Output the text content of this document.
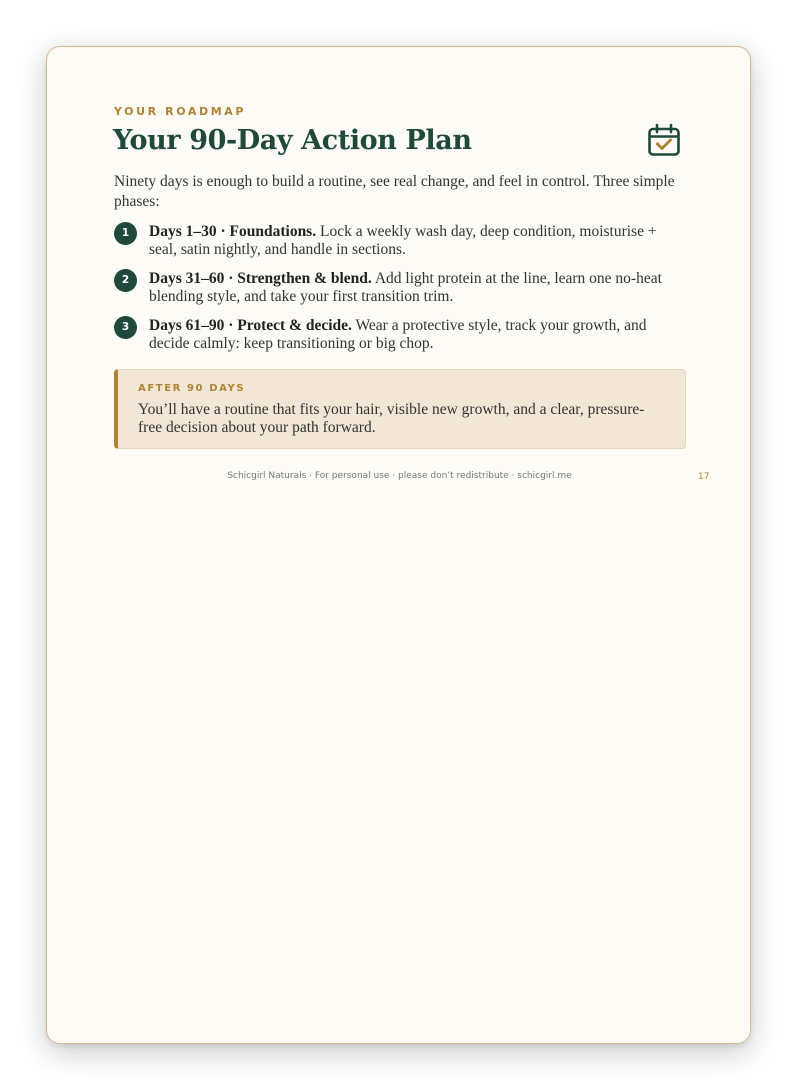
YOUR ROADMAP
Your 90-Day Action Plan

Ninety days is enough to build a routine, see real change, and feel in control. Three simple phases:

1	Days 1–30 · Foundations. Lock a weekly wash day, deep condition, moisturise + seal, satin nightly, and handle in sections.
2	Days 31–60 · Strengthen & blend. Add light protein at the line, learn one no-heat blending style, and take your first transition trim.
3	Days 61–90 · Protect & decide. Wear a protective style, track your growth, and decide calmly: keep transitioning or big chop.
AFTER 90 DAYS

You’ll have a routine that fits your hair, visible new growth, and a clear, pressure-free decision about your path forward.

Schicgirl Naturals · For personal use · please don’t redistribute · schicgirl.me	17
